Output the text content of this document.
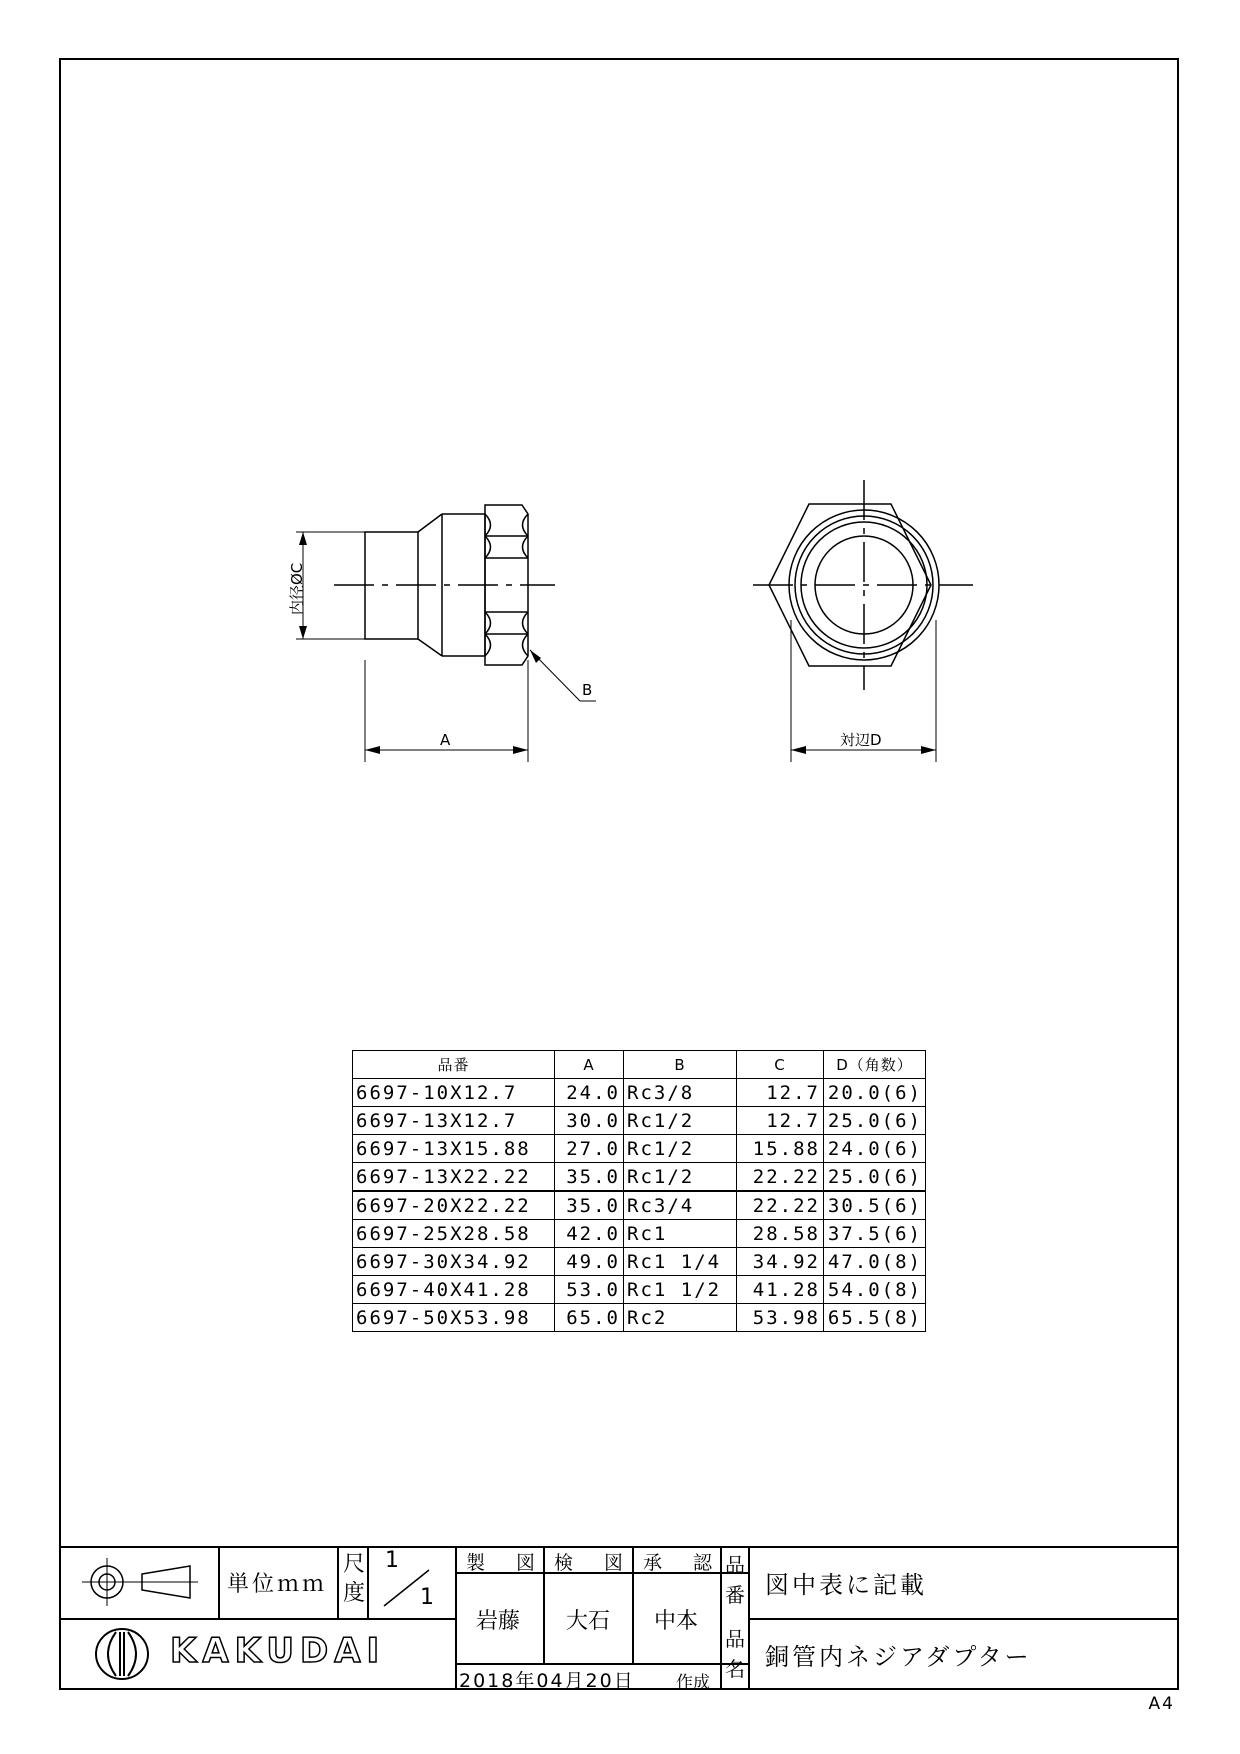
内径ØC
B
A	対辺D
品番	A	B	C	D（角数）
6697-10X12.7	24.0	Rc3/8	12.7	20.0(6)
6697-13X12.7	30.0	Rc1/2	12.7	25.0(6)
6697-13X15.88	27.0	Rc1/2	15.88	24.0(6)
6697-13X22.22	35.0	Rc1/2	22.22	25.0(6)
6697-20X22.22	35.0	Rc3/4	22.22	30.5(6)
6697-25X28.58	42.0	Rc1	28.58	37.5(6)
6697-30X34.92	49.0	Rc1 1/4	34.92	47.0(8)
6697-40X41.28	53.0	Rc1 1/2	41.28	54.0(8)
6697-50X53.98	65.0	Rc2	53.98	65.5(8)
単位ｍｍ
尺度
1
1
製　図 検　図 承　認
岩藤 大石 中本
品番
品名
図中表に記載
銅管内ネジアダプター
2018年04月20日 作成
KAKUDAI
A4
